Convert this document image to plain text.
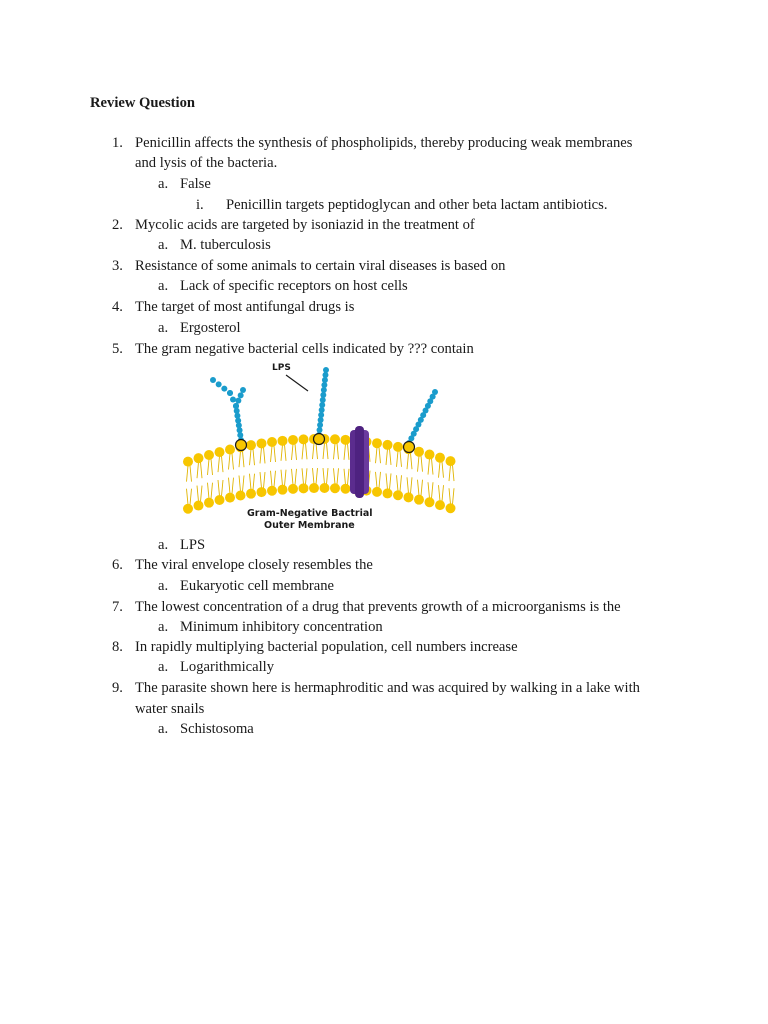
Review Question
1. Penicillin affects the synthesis of phospholipids, thereby producing weak membranes
and lysis of the bacteria.
a. False
i. Penicillin targets peptidoglycan and other beta lactam antibiotics.
2. Mycolic acids are targeted by isoniazid in the treatment of
a. M. tuberculosis
3. Resistance of some animals to certain viral diseases is based on
a. Lack of specific receptors on host cells
4. The target of most antifungal drugs is
a. Ergosterol
5. The gram negative bacterial cells indicated by ??? contain
LPS
Gram-Negative Bactrial
Outer Membrane
a. LPS
6. The viral envelope closely resembles the
a. Eukaryotic cell membrane
7. The lowest concentration of a drug that prevents growth of a microorganisms is the
a. Minimum inhibitory concentration
8. In rapidly multiplying bacterial population, cell numbers increase
a. Logarithmically
9. The parasite shown here is hermaphroditic and was acquired by walking in a lake with
water snails
a. Schistosoma
